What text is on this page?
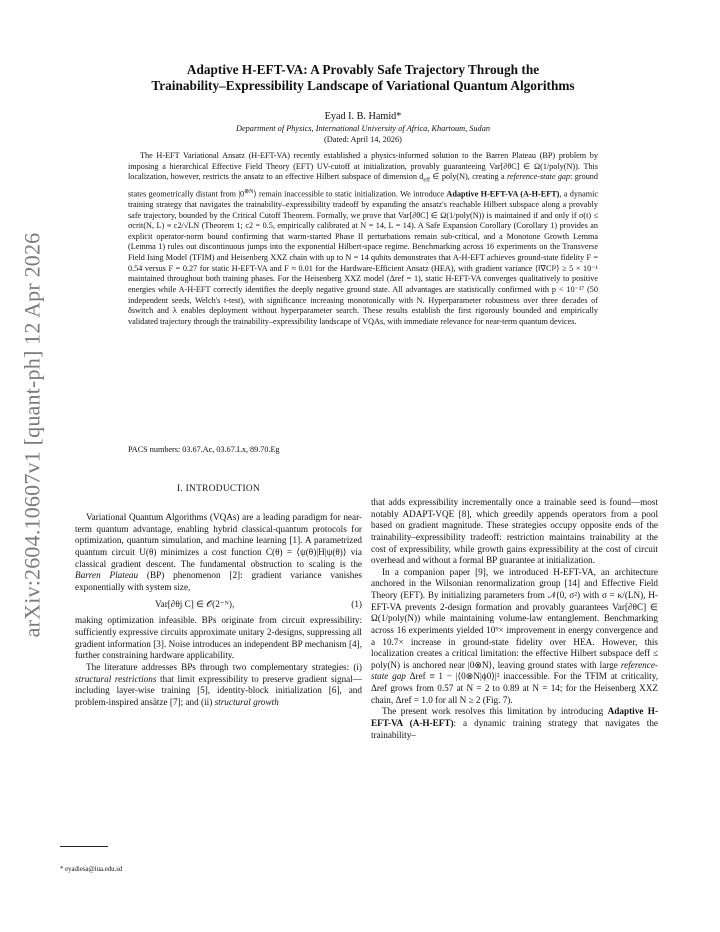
arXiv:2604.10607v1 [quant-ph] 12 Apr 2026
Adaptive H-EFT-VA: A Provably Safe Trajectory Through the
Trainability–Expressibility Landscape of Variational Quantum Algorithms
Eyad I. B. Hamid*
Department of Physics, International University of Africa, Khartoum, Sudan
(Dated: April 14, 2026)

The H-EFT Variational Ansatz (H-EFT-VA) recently established a physics-informed solution to the Barren Plateau (BP) problem by imposing a hierarchical Effective Field Theory (EFT) UV-cutoff at initialization, provably guaranteeing Var[∂θC] ∈ Ω(1/poly(N)). This localization, however, restricts the ansatz to an effective Hilbert subspace of dimension $d_{eff}$ ∈ poly(N), creating a reference-state gap: ground states geometrically distant from $|0^{\otimes N}⟩$ remain inaccessible to static initialization. We introduce Adaptive H-EFT-VA (A-H-EFT), a dynamic training strategy that navigates the trainability–expressibility tradeoff by expanding the ansatz's reachable Hilbert subspace along a provably safe trajectory, bounded by the Critical Cutoff Theorem. Formally, we prove that Var[∂θC] ∈ Ω(1/poly(N)) is maintained if and only if σ(t) ≤ σcrit(N, L) ≡ c2/√LN (Theorem 1; c2 = 0.5, empirically calibrated at N = 14, L = 14). A Safe Expansion Corollary (Corollary 1) provides an explicit operator-norm bound confirming that warm-started Phase II perturbations remain sub-critical, and a Monotone Growth Lemma (Lemma 1) rules out discontinuous jumps into the exponential Hilbert-space regime. Benchmarking across 16 experiments on the Transverse Field Ising Model (TFIM) and Heisenberg XXZ chain with up to N = 14 qubits demonstrates that A-H-EFT achieves ground-state fidelity F = 0.54 versus F = 0.27 for static H-EFT-VA and F ≈ 0.01 for the Hardware-Efficient Ansatz (HEA), with gradient variance ⟨‖∇C‖²⟩ ≥ 5 × 10⁻¹ maintained throughout both training phases. For the Heisenberg XXZ model (Δref = 1), static H-EFT-VA converges qualitatively to positive energies while A-H-EFT correctly identifies the deeply negative ground state. All advantages are statistically confirmed with p < 10⁻³⁷ (50 independent seeds, Welch's t-test), with significance increasing monotonically with N. Hyperparameter robustness over three decades of δswitch and λ enables deployment without hyperparameter search. These results establish the first rigorously bounded and empirically validated trajectory through the trainability–expressibility landscape of VQAs, with immediate relevance for near-term quantum devices.

PACS numbers: 03.67.Ac, 03.67.Lx, 89.70.Eg
I. INTRODUCTION

Variational Quantum Algorithms (VQAs) are a leading paradigm for near-term quantum advantage, enabling hybrid classical-quantum protocols for optimization, quantum simulation, and machine learning [1]. A parametrized quantum circuit U(θ) minimizes a cost function C(θ) = ⟨ψ(θ)|H|ψ(θ)⟩ via classical gradient descent. The fundamental obstruction to scaling is the Barren Plateau (BP) phenomenon [2]: gradient variance vanishes exponentially with system size,

Var[∂θj C] ∈ 𝒪(2⁻ᴺ),	(1)

making optimization infeasible. BPs originate from circuit expressibility: sufficiently expressive circuits approximate unitary 2-designs, suppressing all gradient information [3]. Noise introduces an independent BP mechanism [4], further constraining hardware applicability.

The literature addresses BPs through two complementary strategies: (i) structural restrictions that limit expressibility to preserve gradient signal—including layer-wise training [5], identity-block initialization [6], and problem-inspired ansätze [7]; and (ii) structural growth

* eyadiesa@iua.edu.sd

that adds expressibility incrementally once a trainable seed is found—most notably ADAPT-VQE [8], which greedily appends operators from a pool based on gradient magnitude. These strategies occupy opposite ends of the trainability–expressibility tradeoff: restriction maintains trainability at the cost of expressibility, while growth gains expressibility at the cost of circuit overhead and without a formal BP guarantee at initialization.

In a companion paper [9], we introduced H-EFT-VA, an architecture anchored in the Wilsonian renormalization group [14] and Effective Field Theory (EFT). By initializing parameters from 𝒩(0, σ²) with σ = κ/(LN), H-EFT-VA prevents 2-design formation and provably guarantees Var[∂θC] ∈ Ω(1/poly(N)) while maintaining volume-law entanglement. Benchmarking across 16 experiments yielded 10⁹× improvement in energy convergence and a 10.7× increase in ground-state fidelity over HEA. However, this localization creates a critical limitation: the effective Hilbert subspace deff ≤ poly(N) is anchored near |0⊗N⟩, leaving ground states with large reference-state gap Δref ≡ 1 − |⟨0⊗N|ϕ0⟩|² inaccessible. For the TFIM at criticality, Δref grows from 0.57 at N = 2 to 0.89 at N = 14; for the Heisenberg XXZ chain, Δref = 1.0 for all N ≥ 2 (Fig. 7).

The present work resolves this limitation by introducing Adaptive H-EFT-VA (A-H-EFT): a dynamic training strategy that navigates the trainability–
